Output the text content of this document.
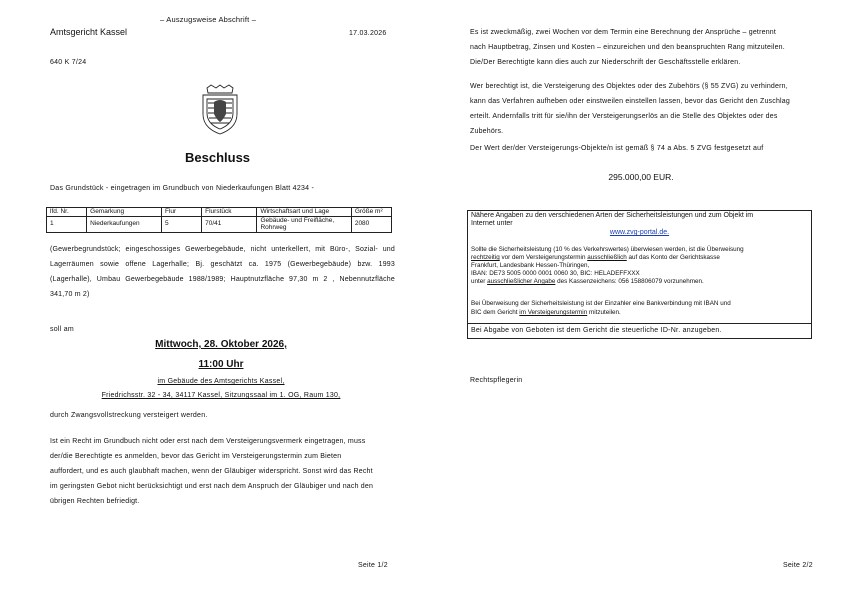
– Auszugsweise Abschrift –
Amtsgericht Kassel	17.03.2026
640 K 7/24
Beschluss
Das Grundstück - eingetragen im Grundbuch von Niederkaufungen Blatt 4234 -
lfd. Nr.	Gemarkung	Flur	Flurstück	Wirtschaftsart und Lage	Größe m²
1	Niederkaufungen	5	70/41	Gebäude- und Freifläche, Rohrweg	2080
(Gewerbegrundstück; eingeschossiges Gewerbegebäude, nicht unterkellert, mit Büro-, Sozial- und
Lagerräumen sowie offene Lagerhalle; Bj. geschätzt ca. 1975 (Gewerbegebäude) bzw. 1993
(Lagerhalle), Umbau Gewerbegebäude 1988/1989; Hauptnutzfläche 97,30 m 2 , Nebennutzfläche
341,70 m 2)
soll am
Mittwoch, 28. Oktober 2026,
11:00 Uhr
im Gebäude des Amtsgerichts Kassel,
Friedrichsstr. 32 - 34, 34117 Kassel, Sitzungssaal im 1. OG, Raum 130,
durch Zwangsvollstreckung versteigert werden.
Ist ein Recht im Grundbuch nicht oder erst nach dem Versteigerungsvermerk eingetragen, muss
der/die Berechtigte es anmelden, bevor das Gericht im Versteigerungstermin zum Bieten
auffordert, und es auch glaubhaft machen, wenn der Gläubiger widerspricht. Sonst wird das Recht
im geringsten Gebot nicht berücksichtigt und erst nach dem Anspruch der Gläubiger und nach den
übrigen Rechten befriedigt.
Seite 1/2
Es ist zweckmäßig, zwei Wochen vor dem Termin eine Berechnung der Ansprüche – getrennt
nach Hauptbetrag, Zinsen und Kosten – einzureichen und den beanspruchten Rang mitzuteilen.
Die/Der Berechtigte kann dies auch zur Niederschrift der Geschäftsstelle erklären.
Wer berechtigt ist, die Versteigerung des Objektes oder des Zubehörs (§ 55 ZVG) zu verhindern,
kann das Verfahren aufheben oder einstweilen einstellen lassen, bevor das Gericht den Zuschlag
erteilt. Andernfalls tritt für sie/ihn der Versteigerungserlös an die Stelle des Objektes oder des
Zubehörs.
Der Wert der/der Versteigerungs-Objekte/n ist gemäß § 74 a Abs. 5 ZVG festgesetzt auf
295.000,00 EUR.
Nähere Angaben zu den verschiedenen Arten der Sicherheitsleistungen und zum Objekt im
Internet unter
www.zvg-portal.de.
Sollte die Sicherheitsleistung (10 % des Verkehrswertes) überwiesen werden, ist die Überweisung
rechtzeitig vor dem Versteigerungstermin ausschließlich auf das Konto der Gerichtskasse
Frankfurt, Landesbank Hessen-Thüringen,
IBAN: DE73 5005 0000 0001 0060 30, BIC: HELADEFFXXX
unter ausschließlicher Angabe des Kassenzeichens: 056 158806079 vorzunehmen.
Bei Überweisung der Sicherheitsleistung ist der Einzahler eine Bankverbindung mit IBAN und
BIC dem Gericht im Versteigerungstermin mitzuteilen.
Bei Abgabe von Geboten ist dem Gericht die steuerliche ID-Nr. anzugeben.
Rechtspflegerin
Seite 2/2
